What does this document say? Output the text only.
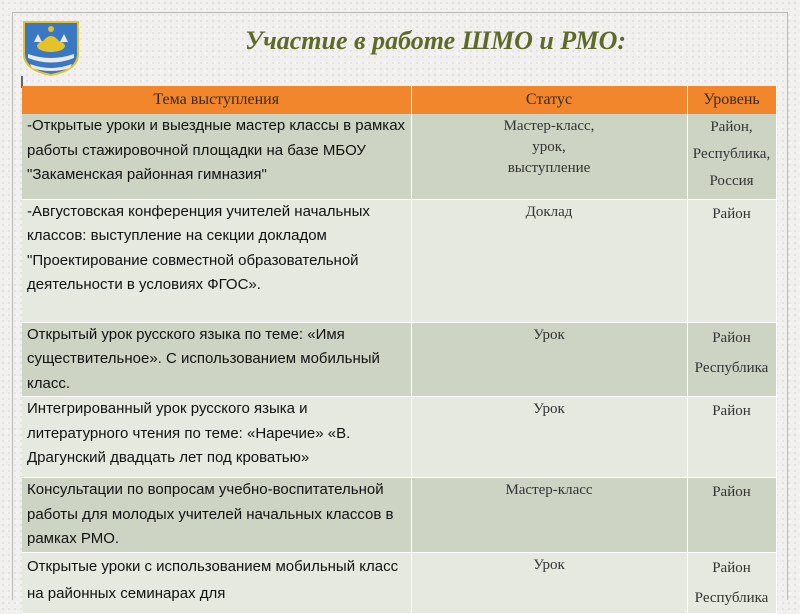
Участие в работе ШМО и РМО:
Тема выступления	Статус	Уровень
-Открытые уроки и выездные мастер классы в рамках работы стажировочной площадки на базе МБОУ "Закаменская районная гимназия"	Мастер-класс, урок, выступление	Район,
Республика,
Россия

-Августовская конференция учителей начальных классов: выступление на секции докладом "Проектирование совместной образовательной деятельности в условиях ФГОС».	Доклад	Район

Открытый урок русского языка по теме: «Имя существительное». С использованием мобильный класс.	Урок	Район
Республика

Интегрированный урок русского языка и литературного чтения по теме: «Наречие» «В. Драгунский двадцать лет под кроватью»	Урок	Район

Консультации по вопросам учебно-воспитательной работы для молодых учителей начальных классов в рамках РМО.	Мастер-класс	Район

Открытые уроки с использованием мобильный класс на районных семинарах для	Урок	Район
Республика
